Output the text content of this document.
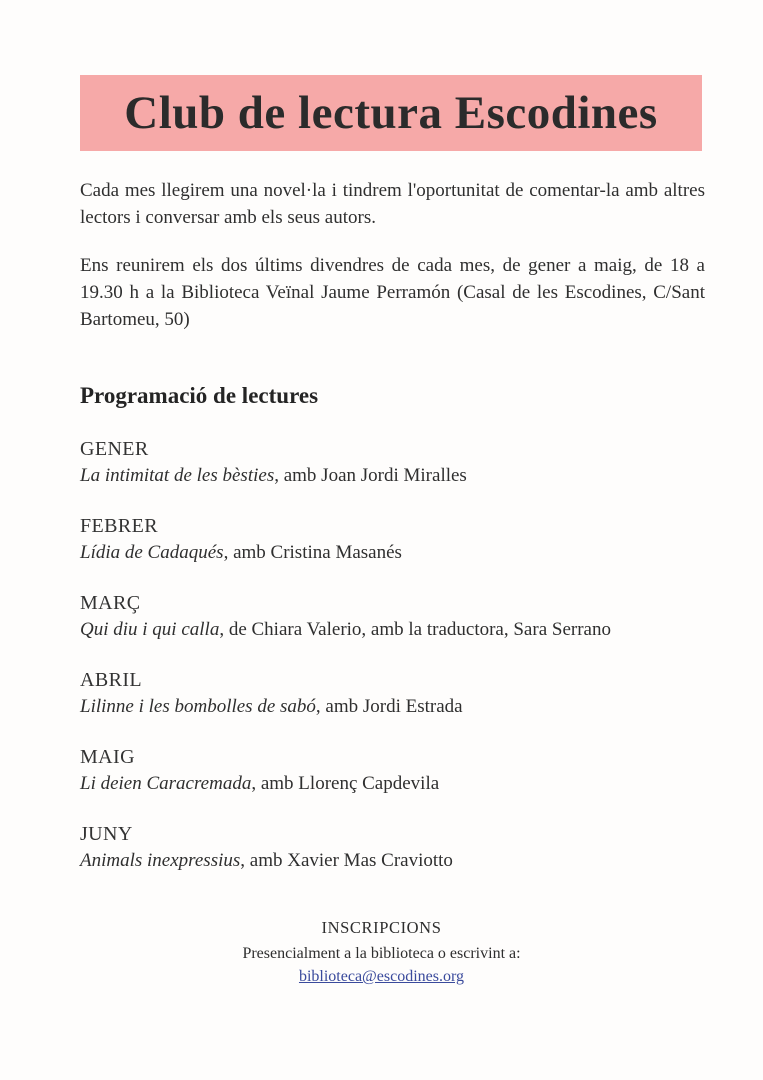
Club de lectura Escodines

Cada mes llegirem una novel·la i tindrem l'oportunitat de comentar-la amb altres lectors i conversar amb els seus autors.

Ens reunirem els dos últims divendres de cada mes, de gener a maig, de 18 a 19.30 h a la Biblioteca Veïnal Jaume Perramón (Casal de les Escodines, C/Sant Bartomeu, 50)

Programació de lectures
GENER
La intimitat de les bèsties, amb Joan Jordi Miralles
FEBRER
Lídia de Cadaqués, amb Cristina Masanés
MARÇ
Qui diu i qui calla, de Chiara Valerio, amb la traductora, Sara Serrano
ABRIL
Lilinne i les bombolles de sabó, amb Jordi Estrada
MAIG
Li deien Caracremada, amb Llorenç Capdevila
JUNY
Animals inexpressius, amb Xavier Mas Craviotto
INSCRIPCIONS
Presencialment a la biblioteca o escrivint a:
biblioteca@escodines.org
